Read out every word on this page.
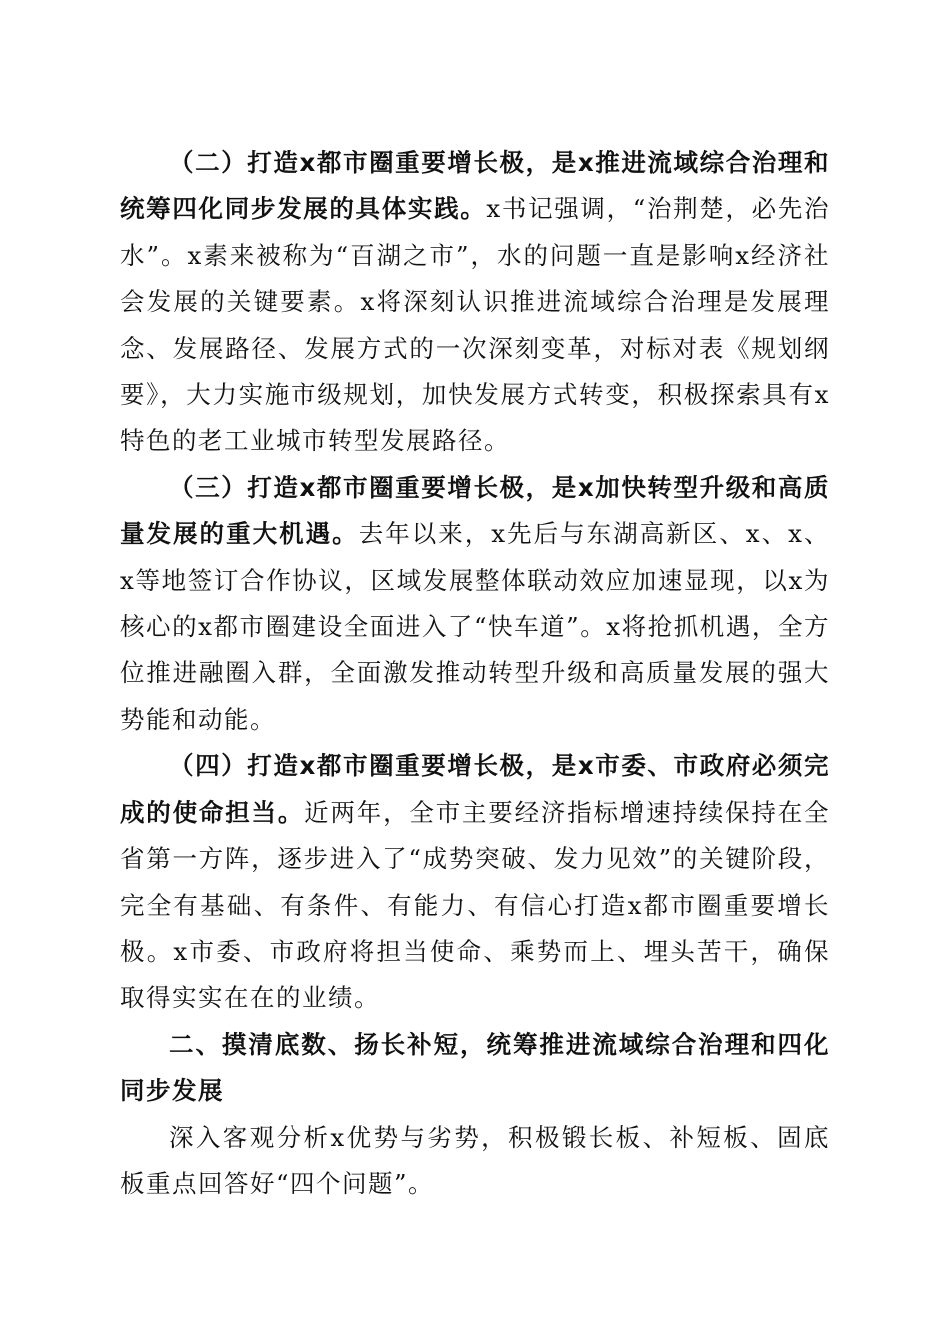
（二）打造x都市圈重要增长极，是x推进流域综合治理和统筹四化同步发展的具体实践。x书记强调，“治荆楚，必先治水”。x素来被称为“百湖之市”，水的问题一直是影响x经济社会发展的关键要素。x将深刻认识推进流域综合治理是发展理念、发展路径、发展方式的一次深刻变革，对标对表《规划纲要》，大力实施市级规划，加快发展方式转变，积极探索具有x特色的老工业城市转型发展路径。

（三）打造x都市圈重要增长极，是x加快转型升级和高质量发展的重大机遇。去年以来，x先后与东湖高新区、x、x、x等地签订合作协议，区域发展整体联动效应加速显现，以x为核心的x都市圈建设全面进入了“快车道”。x将抢抓机遇，全方位推进融圈入群，全面激发推动转型升级和高质量发展的强大势能和动能。

（四）打造x都市圈重要增长极，是x市委、市政府必须完成的使命担当。近两年，全市主要经济指标增速持续保持在全省第一方阵，逐步进入了“成势突破、发力见效”的关键阶段，完全有基础、有条件、有能力、有信心打造x都市圈重要增长极。x市委、市政府将担当使命、乘势而上、埋头苦干，确保取得实实在在的业绩。

二、摸清底数、扬长补短，统筹推进流域综合治理和四化同步发展

深入客观分析x优势与劣势，积极锻长板、补短板、固底板重点回答好“四个问题”。
